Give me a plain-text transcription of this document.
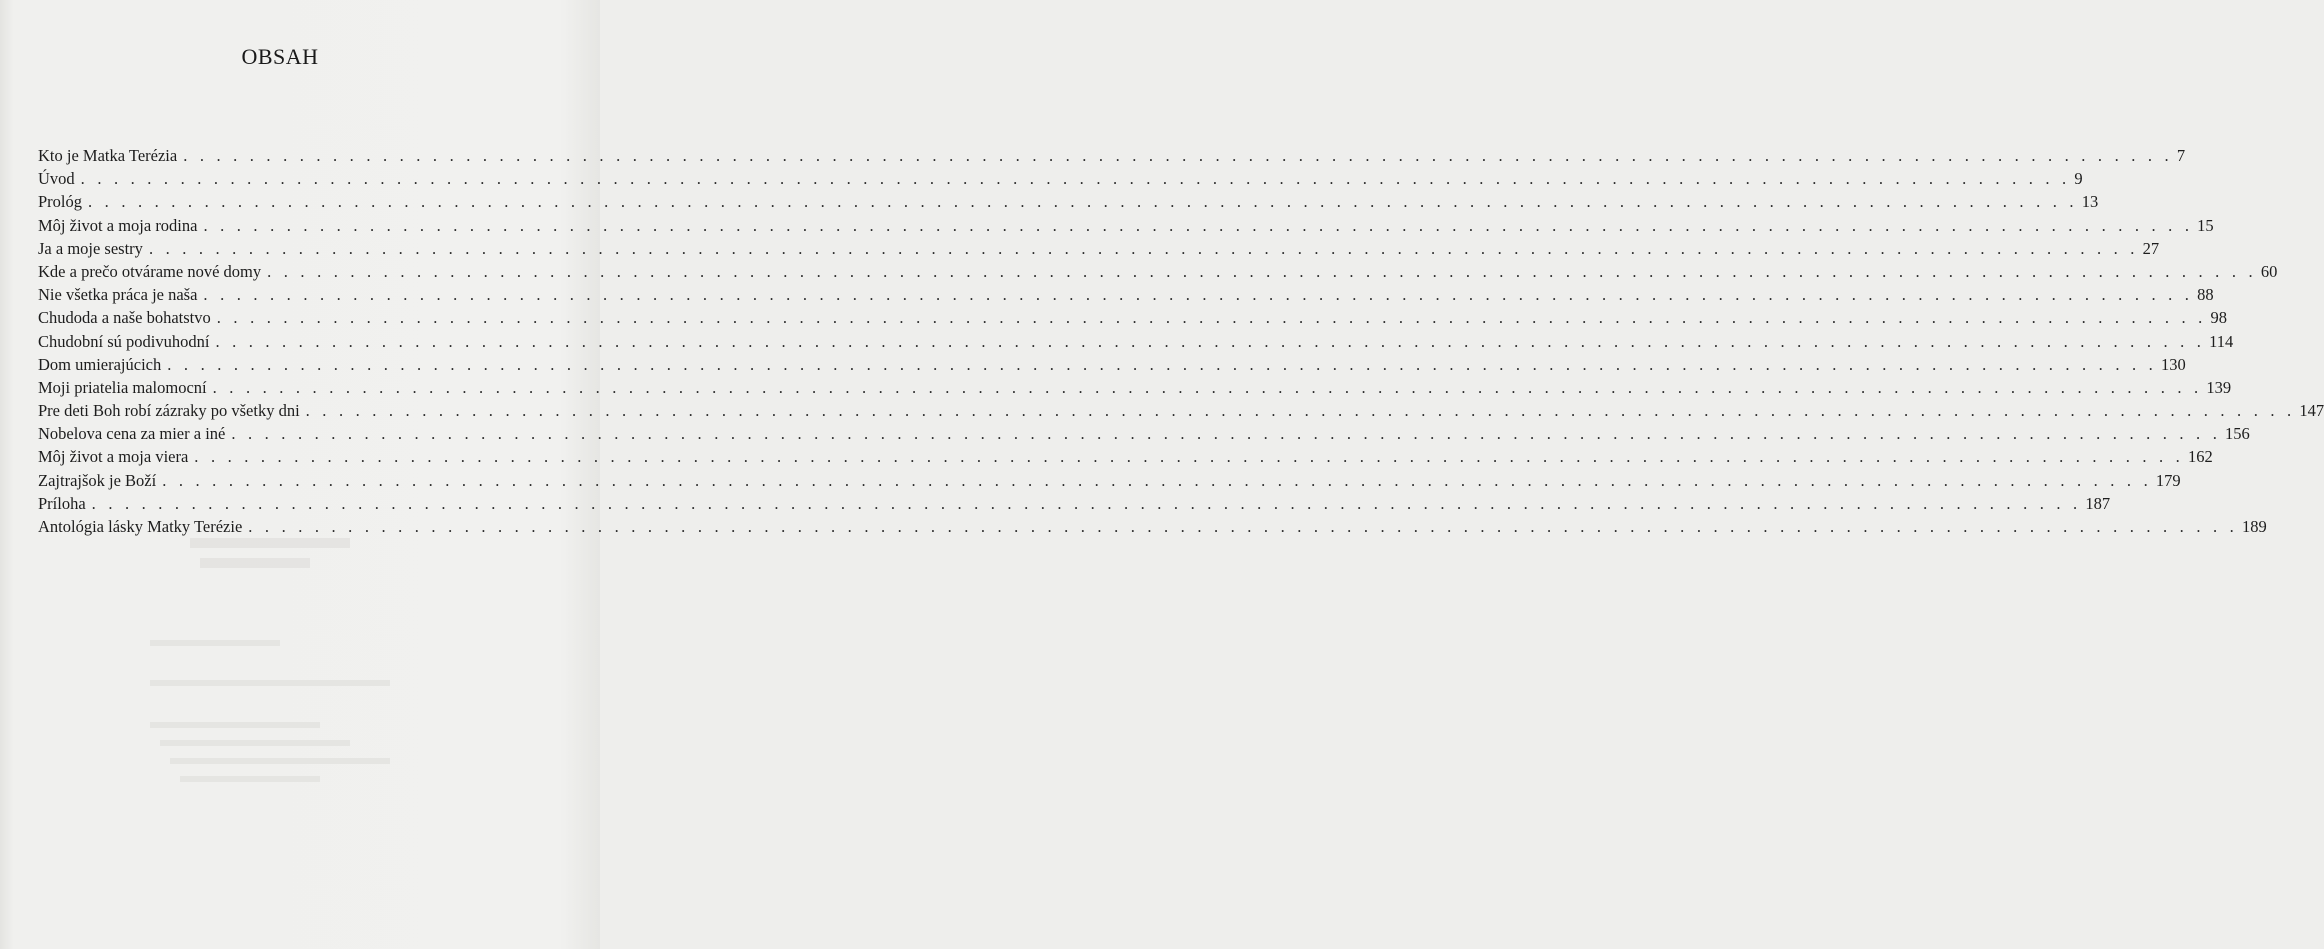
OBSAH
Kto je Matka Terézia . . . . . . . . . . . . . . . . . . . . . . . . . . . . . . . . . . . . . . . . . . . . . . . . . . . . . . . . . . . . . . . . . . . . . . . . . . . . . . . . . . . . . . . . . . . . . . . . . . . . . . . . . . . . . . . . . . . . . . . . 7
Úvod . . . . . . . . . . . . . . . . . . . . . . . . . . . . . . . . . . . . . . . . . . . . . . . . . . . . . . . . . . . . . . . . . . . . . . . . . . . . . . . . . . . . . . . . . . . . . . . . . . . . . . . . . . . . . . . . . . . . . . . . 9
Prológ . . . . . . . . . . . . . . . . . . . . . . . . . . . . . . . . . . . . . . . . . . . . . . . . . . . . . . . . . . . . . . . . . . . . . . . . . . . . . . . . . . . . . . . . . . . . . . . . . . . . . . . . . . . . . . . . . . . . . . . . 13
Môj život a moja rodina . . . . . . . . . . . . . . . . . . . . . . . . . . . . . . . . . . . . . . . . . . . . . . . . . . . . . . . . . . . . . . . . . . . . . . . . . . . . . . . . . . . . . . . . . . . . . . . . . . . . . . . . . . . . . . . . . . . . . . . . 15
Ja a moje sestry . . . . . . . . . . . . . . . . . . . . . . . . . . . . . . . . . . . . . . . . . . . . . . . . . . . . . . . . . . . . . . . . . . . . . . . . . . . . . . . . . . . . . . . . . . . . . . . . . . . . . . . . . . . . . . . . . . . . . . . . 27
Kde a prečo otvárame nové domy . . . . . . . . . . . . . . . . . . . . . . . . . . . . . . . . . . . . . . . . . . . . . . . . . . . . . . . . . . . . . . . . . . . . . . . . . . . . . . . . . . . . . . . . . . . . . . . . . . . . . . . . . . . . . . . . . . . . . . . . 60
Nie všetka práca je naša . . . . . . . . . . . . . . . . . . . . . . . . . . . . . . . . . . . . . . . . . . . . . . . . . . . . . . . . . . . . . . . . . . . . . . . . . . . . . . . . . . . . . . . . . . . . . . . . . . . . . . . . . . . . . . . . . . . . . . . . 88
Chudoda a naše bohatstvo . . . . . . . . . . . . . . . . . . . . . . . . . . . . . . . . . . . . . . . . . . . . . . . . . . . . . . . . . . . . . . . . . . . . . . . . . . . . . . . . . . . . . . . . . . . . . . . . . . . . . . . . . . . . . . . . . . . . . . . . 98
Chudobní sú podivuhodní . . . . . . . . . . . . . . . . . . . . . . . . . . . . . . . . . . . . . . . . . . . . . . . . . . . . . . . . . . . . . . . . . . . . . . . . . . . . . . . . . . . . . . . . . . . . . . . . . . . . . . . . . . . . . . . . . . . . . . . . 114
Dom umierajúcich . . . . . . . . . . . . . . . . . . . . . . . . . . . . . . . . . . . . . . . . . . . . . . . . . . . . . . . . . . . . . . . . . . . . . . . . . . . . . . . . . . . . . . . . . . . . . . . . . . . . . . . . . . . . . . . . . . . . . . . . 130
Moji priatelia malomocní . . . . . . . . . . . . . . . . . . . . . . . . . . . . . . . . . . . . . . . . . . . . . . . . . . . . . . . . . . . . . . . . . . . . . . . . . . . . . . . . . . . . . . . . . . . . . . . . . . . . . . . . . . . . . . . . . . . . . . . . 139
Pre deti Boh robí zázraky po všetky dni . . . . . . . . . . . . . . . . . . . . . . . . . . . . . . . . . . . . . . . . . . . . . . . . . . . . . . . . . . . . . . . . . . . . . . . . . . . . . . . . . . . . . . . . . . . . . . . . . . . . . . . . . . . . . . . . . . . . . . . . 147
Nobelova cena za mier a iné . . . . . . . . . . . . . . . . . . . . . . . . . . . . . . . . . . . . . . . . . . . . . . . . . . . . . . . . . . . . . . . . . . . . . . . . . . . . . . . . . . . . . . . . . . . . . . . . . . . . . . . . . . . . . . . . . . . . . . . . 156
Môj život a moja viera . . . . . . . . . . . . . . . . . . . . . . . . . . . . . . . . . . . . . . . . . . . . . . . . . . . . . . . . . . . . . . . . . . . . . . . . . . . . . . . . . . . . . . . . . . . . . . . . . . . . . . . . . . . . . . . . . . . . . . . . 162
Zajtrajšok je Boží . . . . . . . . . . . . . . . . . . . . . . . . . . . . . . . . . . . . . . . . . . . . . . . . . . . . . . . . . . . . . . . . . . . . . . . . . . . . . . . . . . . . . . . . . . . . . . . . . . . . . . . . . . . . . . . . . . . . . . . . 179
Príloha . . . . . . . . . . . . . . . . . . . . . . . . . . . . . . . . . . . . . . . . . . . . . . . . . . . . . . . . . . . . . . . . . . . . . . . . . . . . . . . . . . . . . . . . . . . . . . . . . . . . . . . . . . . . . . . . . . . . . . . . 187
Antológia lásky Matky Terézie . . . . . . . . . . . . . . . . . . . . . . . . . . . . . . . . . . . . . . . . . . . . . . . . . . . . . . . . . . . . . . . . . . . . . . . . . . . . . . . . . . . . . . . . . . . . . . . . . . . . . . . . . . . . . . . . . . . . . . . . 189
